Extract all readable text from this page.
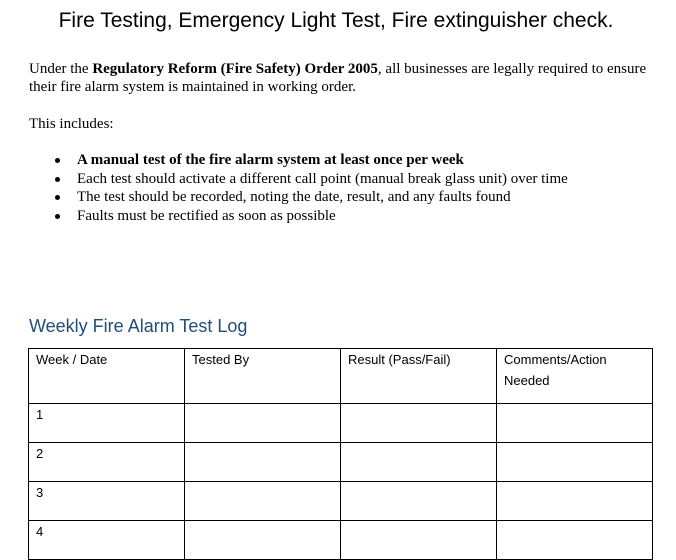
Fire Testing, Emergency Light Test, Fire extinguisher check.
Under the Regulatory Reform (Fire Safety) Order 2005, all businesses are legally required to ensure their fire alarm system is maintained in working order.
This includes:
A manual test of the fire alarm system at least once per week
Each test should activate a different call point (manual break glass unit) over time
The test should be recorded, noting the date, result, and any faults found
Faults must be rectified as soon as possible
Weekly Fire Alarm Test Log
Week / Date	Tested By	Result (Pass/Fail)	Comments/Action Needed
1			
2			
3			
4			
